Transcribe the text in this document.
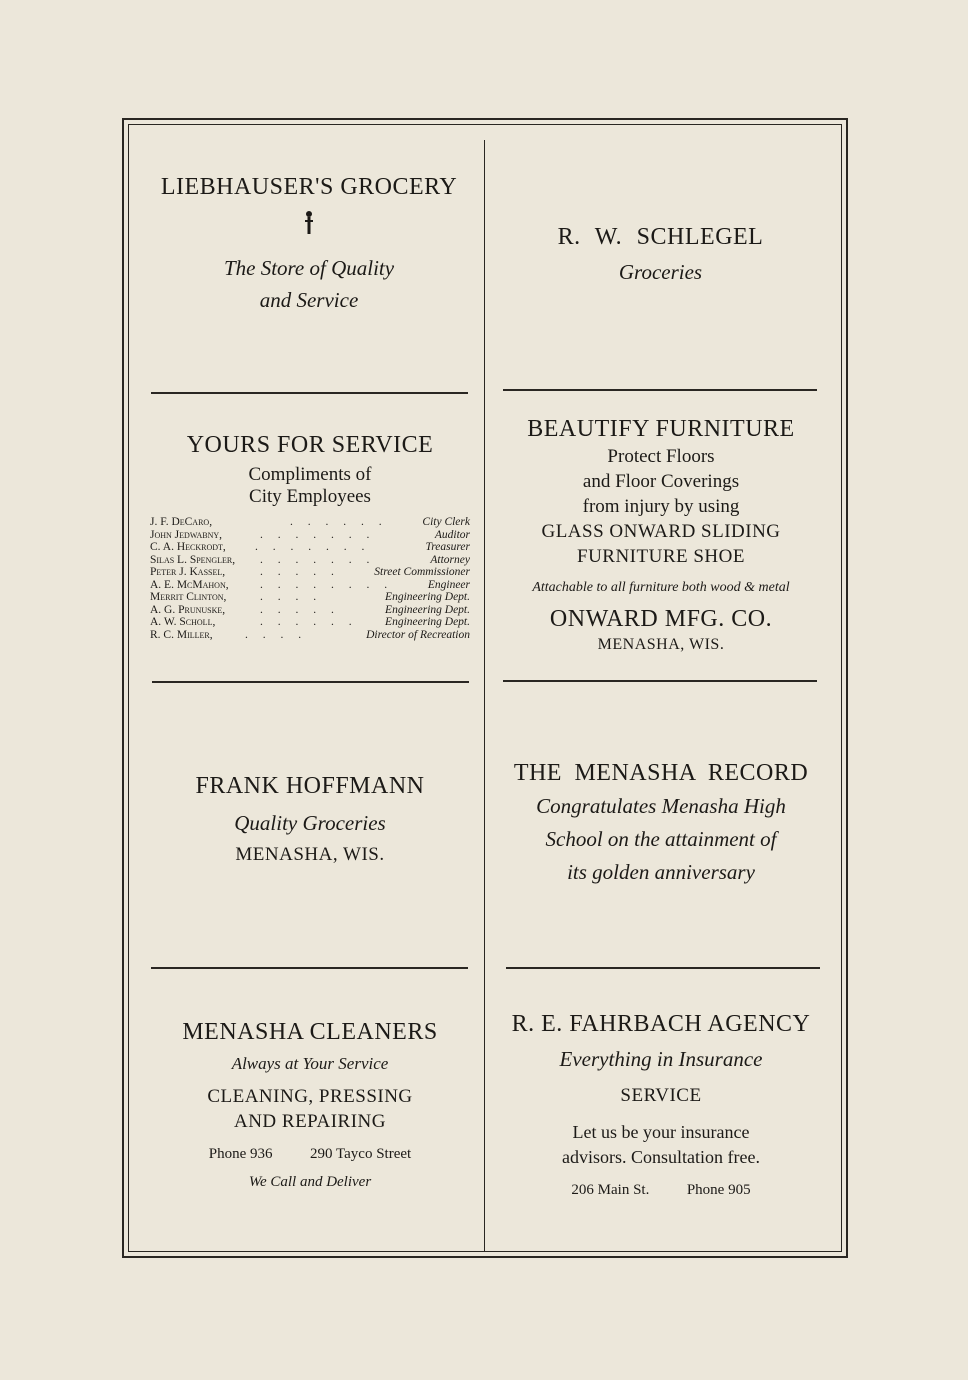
LIEBHAUSER'S GROCERY
The Store of Quality
and Service
R. W. SCHLEGEL
Groceries
YOURS FOR SERVICE
Compliments of
City Employees
J. F. DeCaro,	. . . . . .	City Clerk
John Jedwabny,	. . . . . . .	Auditor
C. A. Heckrodt,	. . . . . . .	Treasurer
Silas L. Spengler, . . . . . . .	Attorney
Peter J. Kassel,	. . . . .	Street Commissioner
A. E. McMahon,	. . . . . . . .	Engineer
Merrit Clinton,	. . . .	Engineering Dept.
A. G. Prunuske,	. . . . .	Engineering Dept.
A. W. Scholl,	. . . . . . Engineering Dept.
R. C. Miller,	. . . .	Director of Recreation
BEAUTIFY FURNITURE
Protect Floors
and Floor Coverings
from injury by using
GLASS ONWARD SLIDING
FURNITURE SHOE
Attachable to all furniture both wood & metal
ONWARD MFG. CO.
MENASHA, WIS.
FRANK HOFFMANN
Quality Groceries
MENASHA, WIS.
THE MENASHA RECORD
Congratulates Menasha High
School on the attainment of
its golden anniversary
MENASHA CLEANERS
Always at Your Service
CLEANING, PRESSING
AND REPAIRING
Phone 936	290 Tayco Street
We Call and Deliver
R. E. FAHRBACH AGENCY
Everything in Insurance
SERVICE
Let us be your insurance
advisors. Consultation free.
206 Main St.	Phone 905
